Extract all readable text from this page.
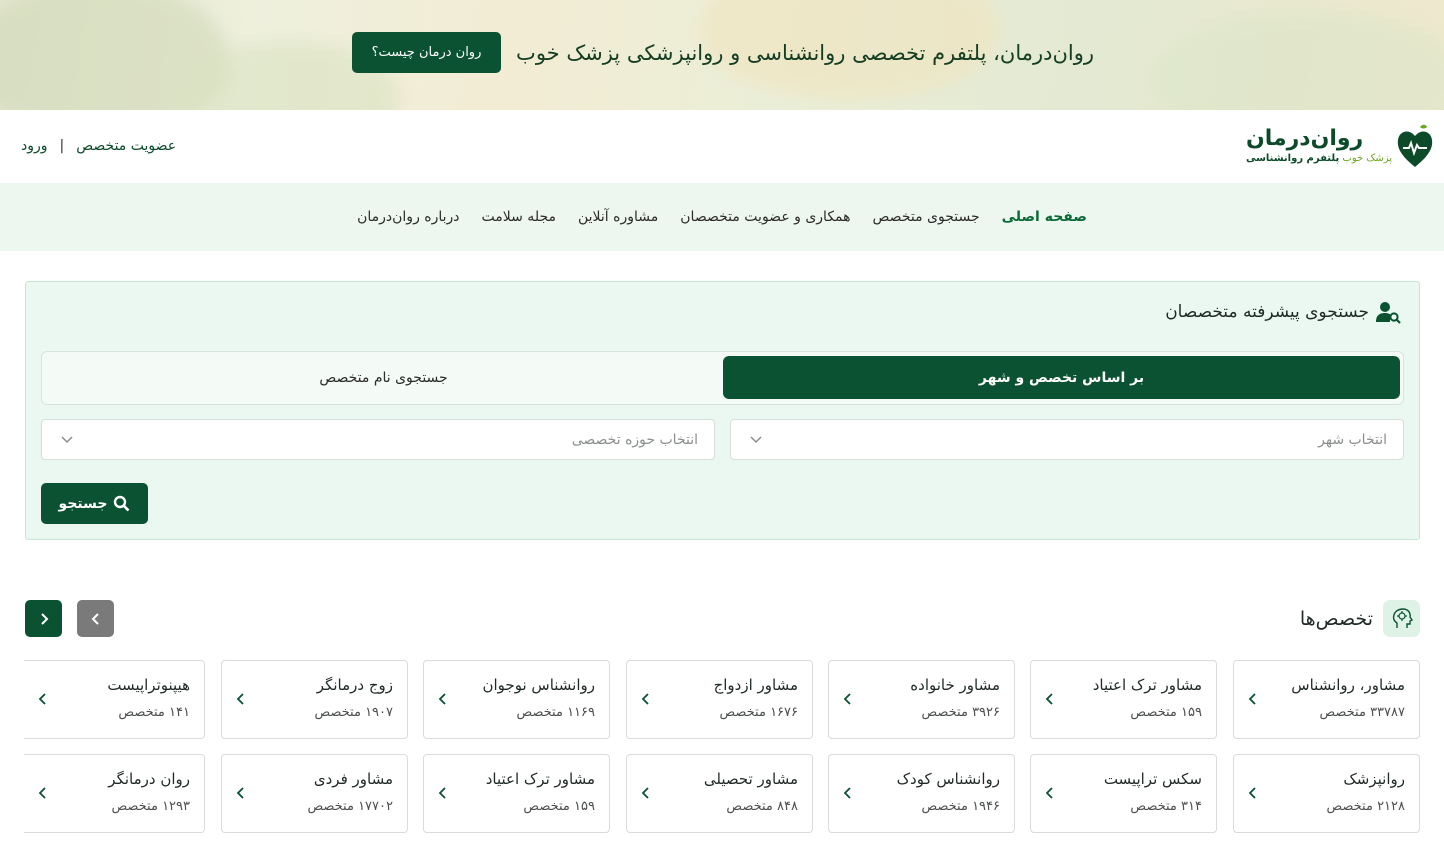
روان‌درمان، پلتفرم تخصصی روانشناسی و روانپزشکی پزشک خوب
روان درمان چیست؟
روان‌درمان
پزشک خوب پلتفرم روانشناسی
ورود | عضویت متخصص
صفحه اصلی
جستجوی متخصص
همکاری و عضویت متخصصان
مشاوره آنلاین
مجله سلامت
درباره روان‌درمان
جستجوی پیشرفته متخصصان
بر اساس تخصص و شهر
جستجوی نام متخصص
انتخاب شهر
انتخاب حوزه تخصصی
جستجو
تخصص‌ها
مشاور، روانشناس
۳۳۷۸۷ متخصص
مشاور ترک اعتیاد
۱۵۹ متخصص
مشاور خانواده
۳۹۲۶ متخصص
مشاور ازدواج
۱۶۷۶ متخصص
روانشناس نوجوان
۱۱۶۹ متخصص
زوج درمانگر
۱۹۰۷ متخصص
هیپنوتراپیست
۱۴۱ متخصص
روانپزشک
۲۱۲۸ متخصص
سکس تراپیست
۳۱۴ متخصص
روانشناس کودک
۱۹۴۶ متخصص
مشاور تحصیلی
۸۴۸ متخصص
مشاور ترک اعتیاد
۱۵۹ متخصص
مشاور فردی
۱۷۷۰۲ متخصص
روان درمانگر
۱۲۹۳ متخصص
